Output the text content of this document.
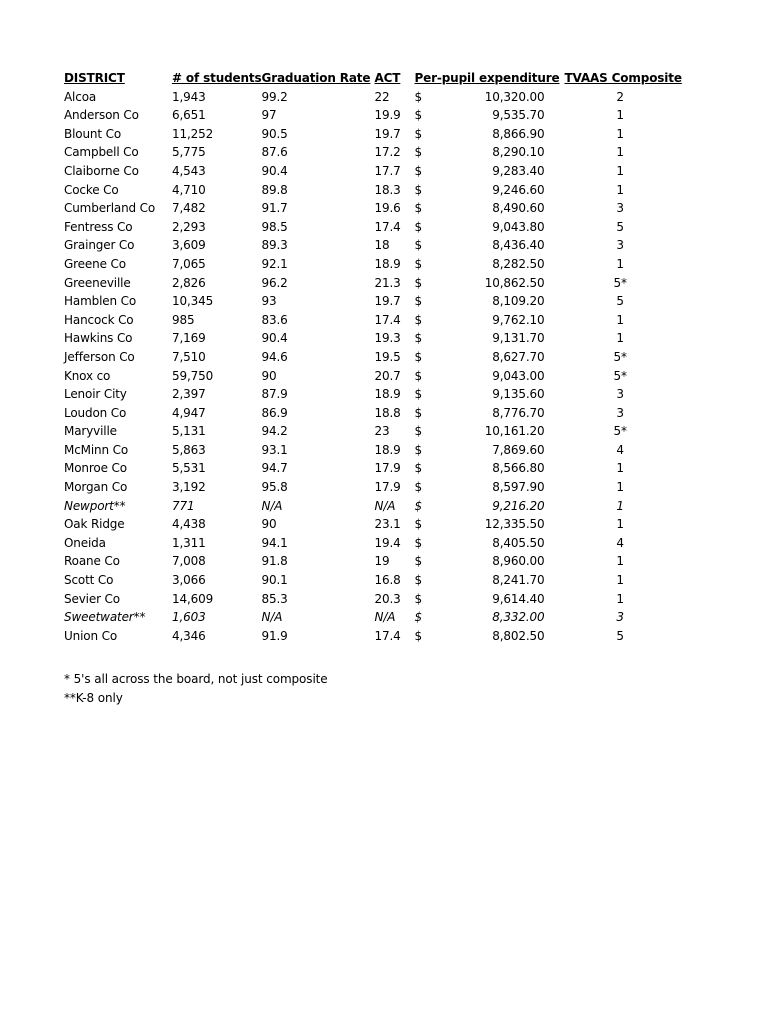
DISTRICT	# of students	Graduation Rate	ACT	Per-pupil expenditure		TVAAS Composite
Alcoa	1,943	99.2	22	$	10,320.00	2
Anderson Co	6,651	97	19.9	$	9,535.70	1
Blount Co	11,252	90.5	19.7	$	8,866.90	1
Campbell Co	5,775	87.6	17.2	$	8,290.10	1
Claiborne Co	4,543	90.4	17.7	$	9,283.40	1
Cocke Co	4,710	89.8	18.3	$	9,246.60	1
Cumberland Co	7,482	91.7	19.6	$	8,490.60	3
Fentress Co	2,293	98.5	17.4	$	9,043.80	5
Grainger Co	3,609	89.3	18	$	8,436.40	3
Greene Co	7,065	92.1	18.9	$	8,282.50	1
Greeneville	2,826	96.2	21.3	$	10,862.50	5*
Hamblen Co	10,345	93	19.7	$	8,109.20	5
Hancock Co	985	83.6	17.4	$	9,762.10	1
Hawkins Co	7,169	90.4	19.3	$	9,131.70	1
Jefferson Co	7,510	94.6	19.5	$	8,627.70	5*
Knox co	59,750	90	20.7	$	9,043.00	5*
Lenoir City	2,397	87.9	18.9	$	9,135.60	3
Loudon Co	4,947	86.9	18.8	$	8,776.70	3
Maryville	5,131	94.2	23	$	10,161.20	5*
McMinn Co	5,863	93.1	18.9	$	7,869.60	4
Monroe Co	5,531	94.7	17.9	$	8,566.80	1
Morgan Co	3,192	95.8	17.9	$	8,597.90	1
Newport**	771	N/A	N/A	$	9,216.20	1
Oak Ridge	4,438	90	23.1	$	12,335.50	1
Oneida	1,311	94.1	19.4	$	8,405.50	4
Roane Co	7,008	91.8	19	$	8,960.00	1
Scott Co	3,066	90.1	16.8	$	8,241.70	1
Sevier Co	14,609	85.3	20.3	$	9,614.40	1
Sweetwater**	1,603	N/A	N/A	$	8,332.00	3
Union Co	4,346	91.9	17.4	$	8,802.50	5
* 5's all across the board, not just composite
**K-8 only
